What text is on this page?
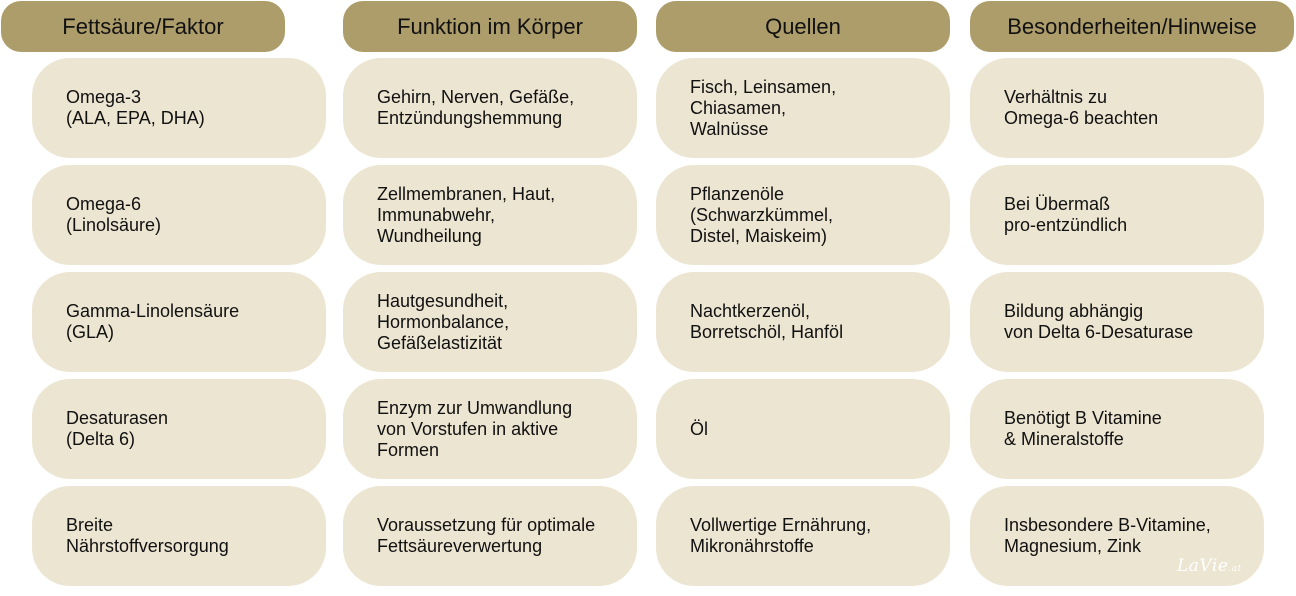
Fettsäure/Faktor
Omega-3
(ALA, EPA, DHA)
Omega-6
(Linolsäure)
Gamma-Linolensäure
(GLA)
Desaturasen
(Delta 6)
Breite
Nährstoffversorgung
Funktion im Körper
Gehirn, Nerven, Gefäße,
Entzündungshemmung
Zellmembranen, Haut,
Immunabwehr,
Wundheilung
Hautgesundheit,
Hormonbalance,
Gefäßelastizität
Enzym zur Umwandlung
von Vorstufen in aktive
Formen
Voraussetzung für optimale
Fettsäureverwertung
Quellen
Fisch, Leinsamen,
Chiasamen,
Walnüsse
Pflanzenöle
(Schwarzkümmel,
Distel, Maiskeim)
Nachtkerzenöl,
Borretschöl, Hanföl
Öl
Vollwertige Ernährung,
Mikronährstoffe
Besonderheiten/Hinweise
Verhältnis zu
Omega-6 beachten
Bei Übermaß
pro-entzündlich
Bildung abhängig
von Delta 6-Desaturase
Benötigt B Vitamine
& Mineralstoffe
Insbesondere B-Vitamine,
Magnesium, Zink
LaVie.at
